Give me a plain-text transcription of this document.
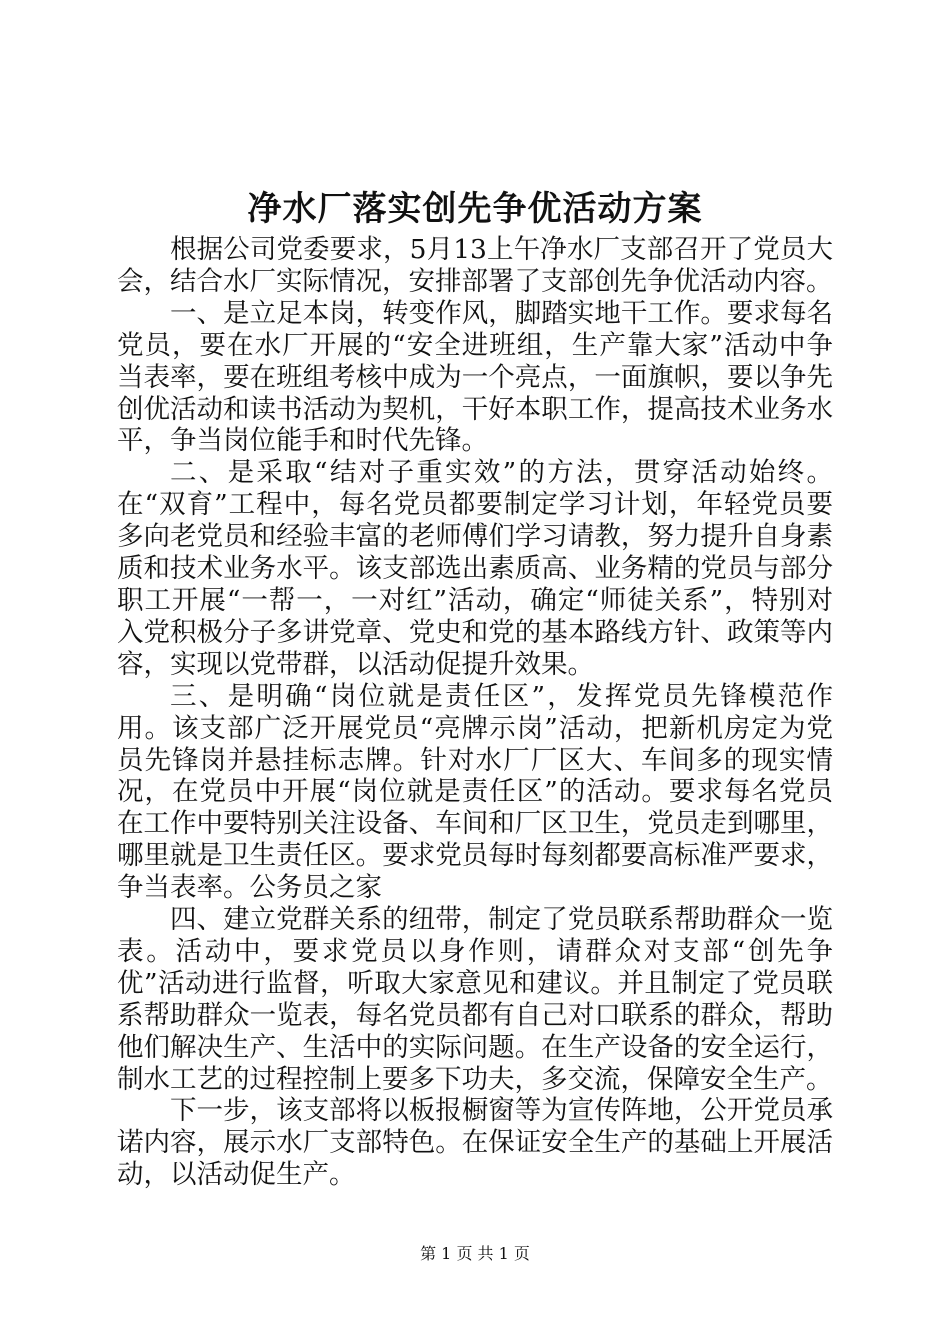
净水厂落实创先争优活动方案

根据公司党委要求，5月13上午净水厂支部召开了党员大会，结合水厂实际情况，安排部署了支部创先争优活动内容。

一、是立足本岗，转变作风，脚踏实地干工作。要求每名党员，要在水厂开展的“安全进班组，生产靠大家”活动中争当表率，要在班组考核中成为一个亮点，一面旗帜，要以争先创优活动和读书活动为契机，干好本职工作，提高技术业务水平，争当岗位能手和时代先锋。

二、是采取“结对子重实效”的方法，贯穿活动始终。在“双育”工程中，每名党员都要制定学习计划，年轻党员要多向老党员和经验丰富的老师傅们学习请教，努力提升自身素质和技术业务水平。该支部选出素质高、业务精的党员与部分职工开展“一帮一，一对红”活动，确定“师徒关系”，特别对入党积极分子多讲党章、党史和党的基本路线方针、政策等内容，实现以党带群，以活动促提升效果。

三、是明确“岗位就是责任区”，发挥党员先锋模范作用。该支部广泛开展党员“亮牌示岗”活动，把新机房定为党员先锋岗并悬挂标志牌。针对水厂厂区大、车间多的现实情况，在党员中开展“岗位就是责任区”的活动。要求每名党员在工作中要特别关注设备、车间和厂区卫生，党员走到哪里，哪里就是卫生责任区。要求党员每时每刻都要高标准严要求，争当表率。公务员之家

四、建立党群关系的纽带，制定了党员联系帮助群众一览表。活动中，要求党员以身作则，请群众对支部“创先争优”活动进行监督，听取大家意见和建议。并且制定了党员联系帮助群众一览表，每名党员都有自己对口联系的群众，帮助他们解决生产、生活中的实际问题。在生产设备的安全运行，制水工艺的过程控制上要多下功夫，多交流，保障安全生产。

下一步，该支部将以板报橱窗等为宣传阵地，公开党员承诺内容，展示水厂支部特色。在保证安全生产的基础上开展活动，以活动促生产。

第 1 页 共 1 页
